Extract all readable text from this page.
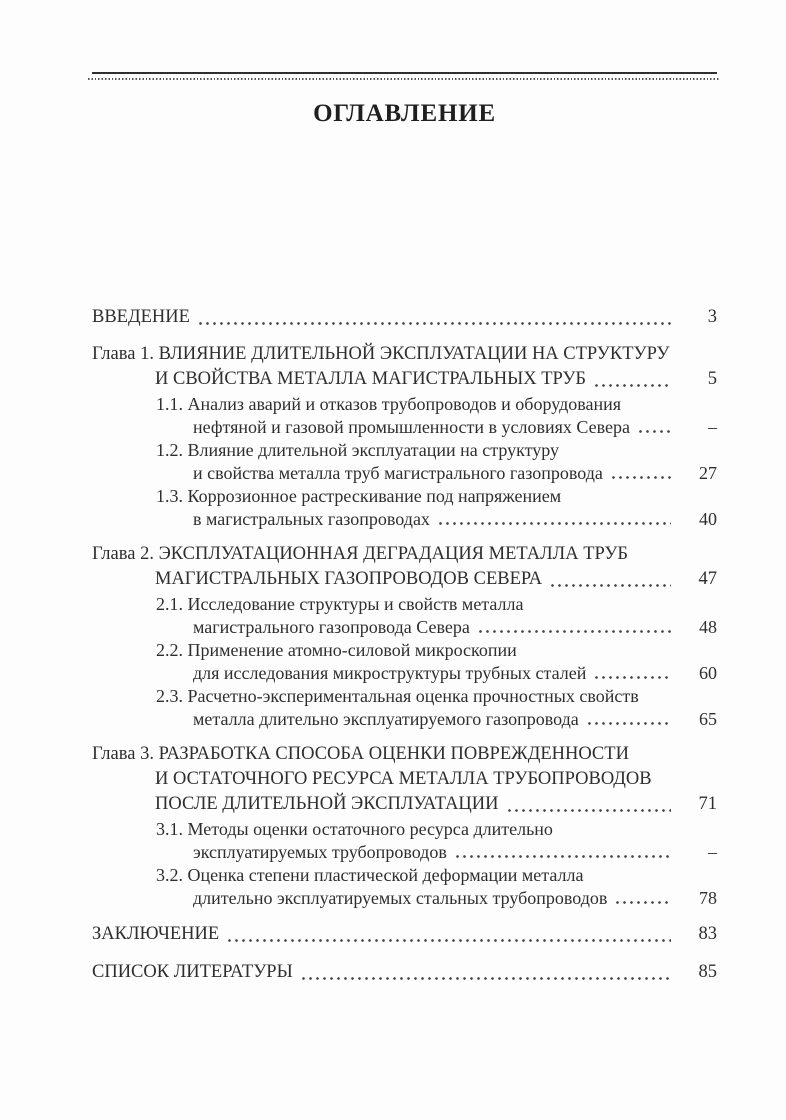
ОГЛАВЛЕНИЕ
ВВЕДЕНИЕ	3
Глава 1. ВЛИЯНИЕ ДЛИТЕЛЬНОЙ ЭКСПЛУАТАЦИИ НА СТРУКТУРУ
И СВОЙСТВА МЕТАЛЛА МАГИСТРАЛЬНЫХ ТРУБ	5
1.1. Анализ аварий и отказов трубопроводов и оборудования
нефтяной и газовой промышленности в условиях Севера	–
1.2. Влияние длительной эксплуатации на структуру
и свойства металла труб магистрального газопровода	27
1.3. Коррозионное растрескивание под напряжением
в магистральных газопроводах	40
Глава 2. ЭКСПЛУАТАЦИОННАЯ ДЕГРАДАЦИЯ МЕТАЛЛА ТРУБ
МАГИСТРАЛЬНЫХ ГАЗОПРОВОДОВ СЕВЕРА	47
2.1. Исследование структуры и свойств металла
магистрального газопровода Севера	48
2.2. Применение атомно-силовой микроскопии
для исследования микроструктуры трубных сталей	60
2.3. Расчетно-экспериментальная оценка прочностных свойств
металла длительно эксплуатируемого газопровода	65
Глава 3. РАЗРАБОТКА СПОСОБА ОЦЕНКИ ПОВРЕЖДЕННОСТИ
И ОСТАТОЧНОГО РЕСУРСА МЕТАЛЛА ТРУБОПРОВОДОВ
ПОСЛЕ ДЛИТЕЛЬНОЙ ЭКСПЛУАТАЦИИ	71
3.1. Методы оценки остаточного ресурса длительно
эксплуатируемых трубопроводов	–
3.2. Оценка степени пластической деформации металла
длительно эксплуатируемых стальных трубопроводов	78
ЗАКЛЮЧЕНИЕ	83
СПИСОК ЛИТЕРАТУРЫ	85
